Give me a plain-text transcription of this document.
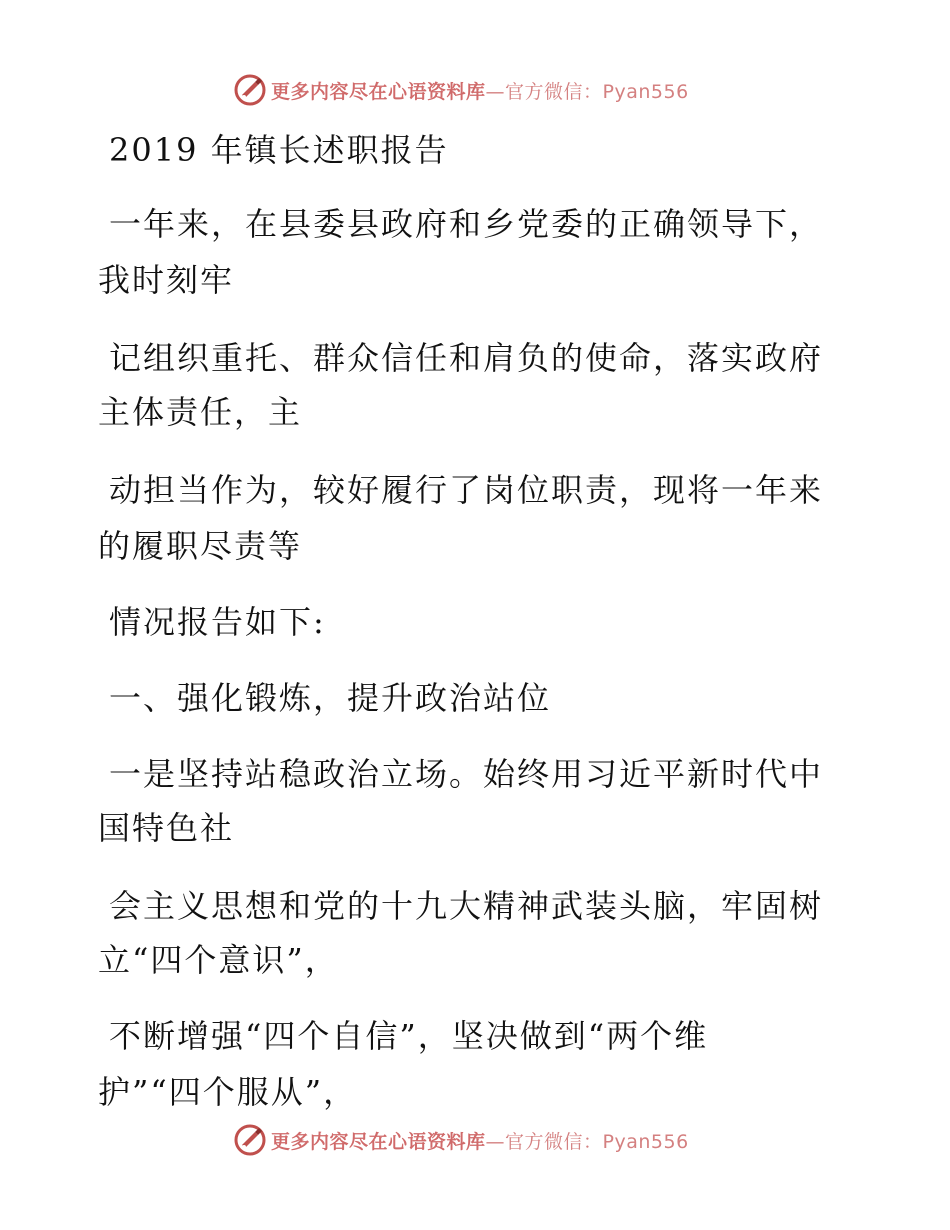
更多内容尽在心语资料库—官方微信：Pyan556
2019 年镇长述职报告
一年来，在县委县政府和乡党委的正确领导下，
我时刻牢
记组织重托、群众信任和肩负的使命，落实政府
主体责任，主
动担当作为，较好履行了岗位职责，现将一年来
的履职尽责等
情况报告如下:
一、强化锻炼，提升政治站位
一是坚持站稳政治立场。始终用习近平新时代中
国特色社
会主义思想和党的十九大精神武装头脑，牢固树
立“四个意识”，
不断增强“四个自信”，坚决做到“两个维
护”“四个服从”，
更多内容尽在心语资料库—官方微信：Pyan556
